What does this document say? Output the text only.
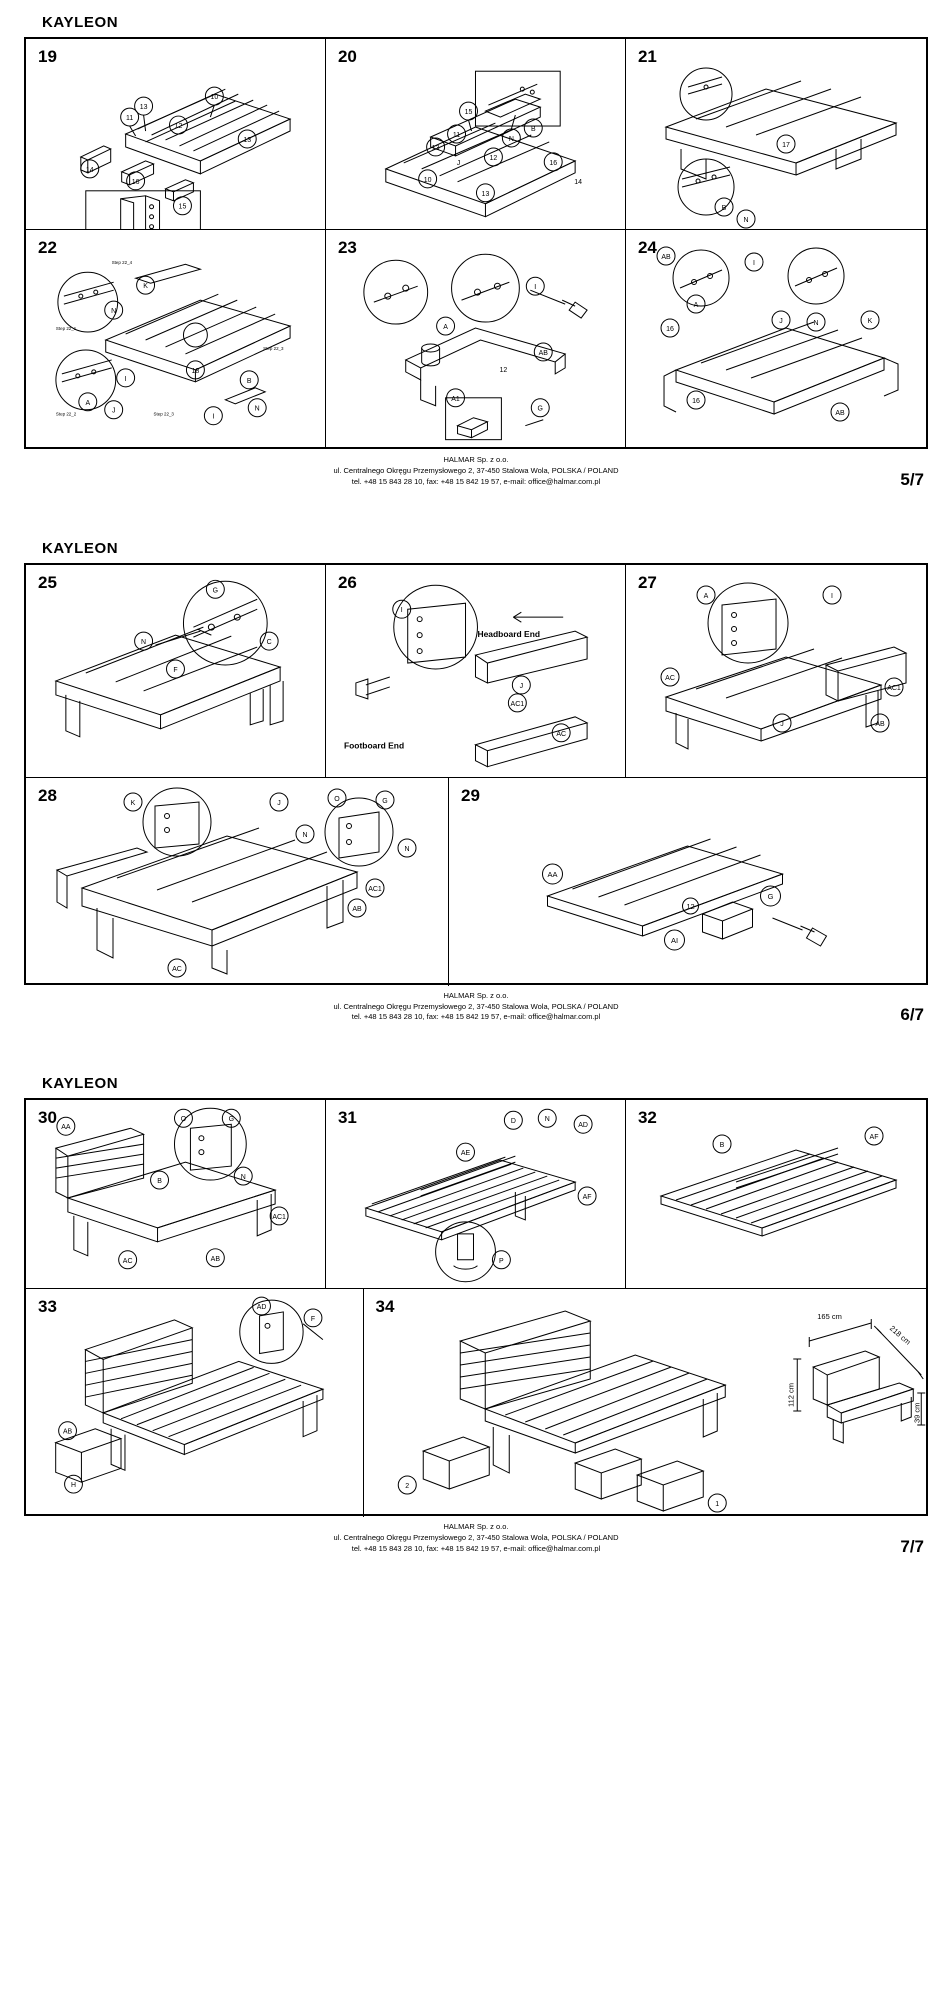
KAYLEON
19
13
10
11
12
13
14
16
15
20
15
11
13
12
N
B
10
13
16
J
14
21
17
B
N
22
K
N
I
A
J
18
B
N
I
Step 22_4
Step 22_1
Step 22_2	Step 22_3
Step 22_3
23
A
I
AB
A1
G
12
24
AB
I
A
16
J	N	K
16
AB
HALMAR Sp. z o.o.
ul. Centralnego Okręgu Przemysłowego 2, 37-450 Stalowa Wola, POLSKA / POLAND
tel. +48 15 843 28 10, fax: +48 15 842 19 57, e-mail: office@halmar.com.pl	5/7
KAYLEON
25	G
N	C
F
26
I
J
AC
AC1
Headboard End
Footboard End
27
A	I
AC
J
AC1
AB
28	K	J
N
O	G
N
AB
AC1
AC
29
AA
AI
G
12
HALMAR Sp. z o.o.
ul. Centralnego Okręgu Przemysłowego 2, 37-450 Stalowa Wola, POLSKA / POLAND
tel. +48 15 843 28 10, fax: +48 15 842 19 57, e-mail: office@halmar.com.pl	6/7
KAYLEON
30
AA
O	G
B
N
AC1
AC	AB
31	D	N
AD
AE
AF
P
32
B
AF
33	AD
F
AB
H
34
2
1
165 cm
218 cm
112 cm
39 cm
HALMAR Sp. z o.o.
ul. Centralnego Okręgu Przemysłowego 2, 37-450 Stalowa Wola, POLSKA / POLAND
tel. +48 15 843 28 10, fax: +48 15 842 19 57, e-mail: office@halmar.com.pl	7/7
